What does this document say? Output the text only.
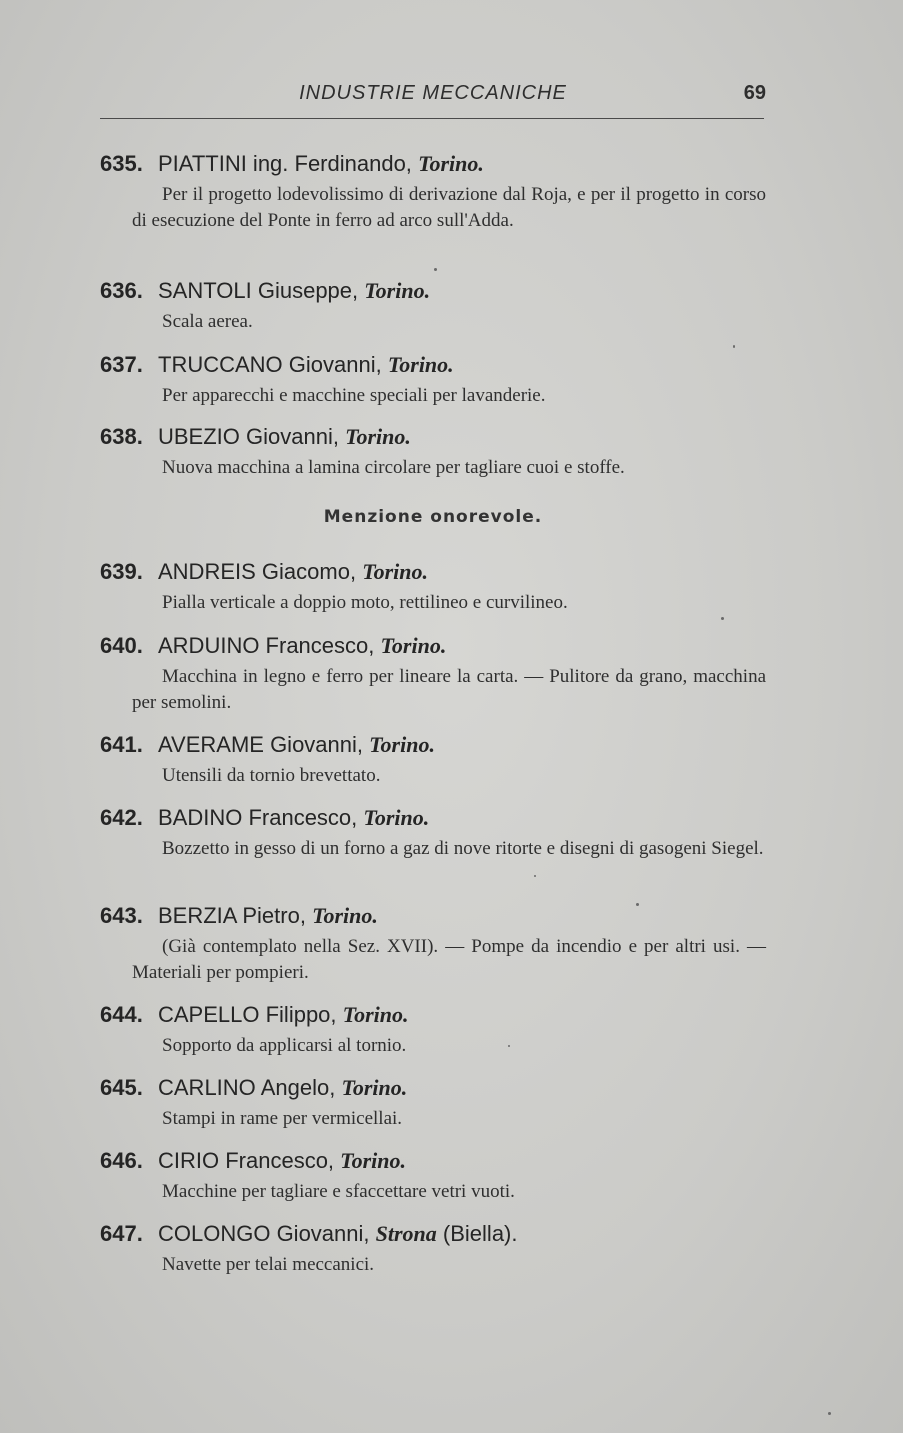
INDUSTRIE MECCANICHE	69
635. PIATTINI ing. Ferdinando, Torino.
Per il progetto lodevolissimo di derivazione dal Roja, e per il progetto in corso di esecuzione del Ponte in ferro ad arco sull'Adda.
636. SANTOLI Giuseppe, Torino.
Scala aerea.
637. TRUCCANO Giovanni, Torino.
Per apparecchi e macchine speciali per lavanderie.
638. UBEZIO Giovanni, Torino.
Nuova macchina a lamina circolare per tagliare cuoi e stoffe.
Menzione onorevole.
639. ANDREIS Giacomo, Torino.
Pialla verticale a doppio moto, rettilineo e curvilineo.
640. ARDUINO Francesco, Torino.
Macchina in legno e ferro per lineare la carta. — Pulitore da grano, macchina per semolini.
641. AVERAME Giovanni, Torino.
Utensili da tornio brevettato.
642. BADINO Francesco, Torino.
Bozzetto in gesso di un forno a gaz di nove ritorte e disegni di gasogeni Siegel.
643. BERZIA Pietro, Torino.
(Già contemplato nella Sez. XVII). — Pompe da incendio e per altri usi. — Materiali per pompieri.
644. CAPELLO Filippo, Torino.
Sopporto da applicarsi al tornio.
645. CARLINO Angelo, Torino.
Stampi in rame per vermicellai.
646. CIRIO Francesco, Torino.
Macchine per tagliare e sfaccettare vetri vuoti.
647. COLONGO Giovanni, Strona (Biella).
Navette per telai meccanici.
